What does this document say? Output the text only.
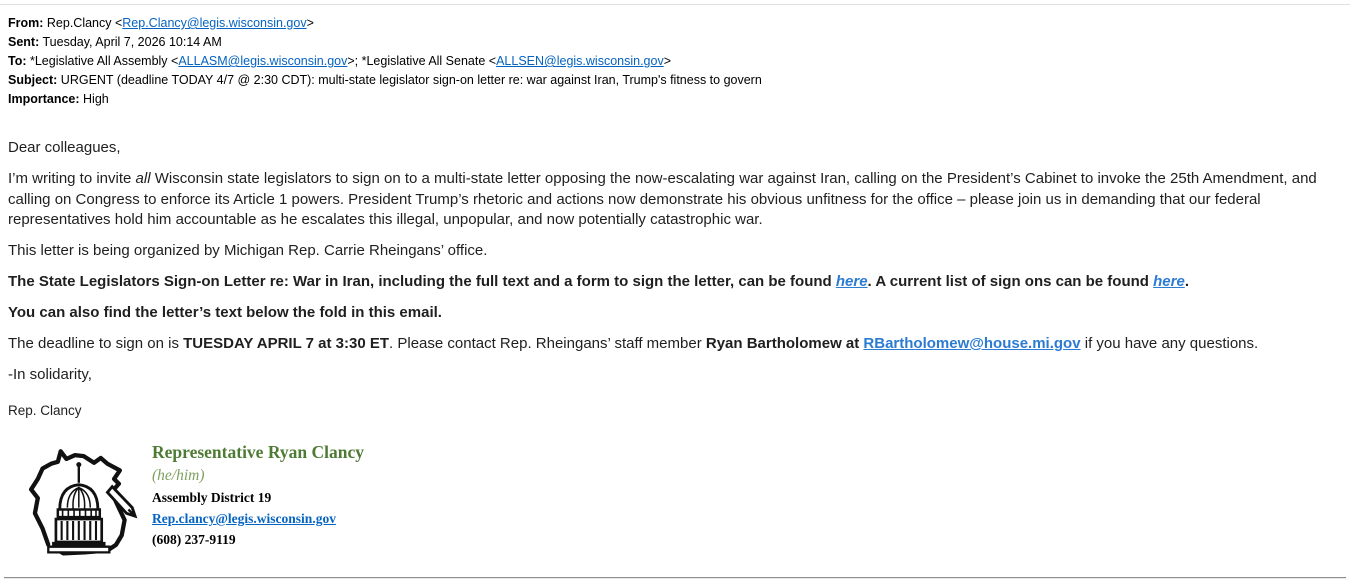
From: Rep.Clancy <Rep.Clancy@legis.wisconsin.gov>
Sent: Tuesday, April 7, 2026 10:14 AM
To: *Legislative All Assembly <ALLASM@legis.wisconsin.gov>; *Legislative All Senate <ALLSEN@legis.wisconsin.gov>
Subject: URGENT (deadline TODAY 4/7 @ 2:30 CDT): multi-state legislator sign-on letter re: war against Iran, Trump's fitness to govern
Importance: High

Dear colleagues,

I’m writing to invite all Wisconsin state legislators to sign on to a multi-state letter opposing the now-escalating war against Iran, calling on the President’s Cabinet to invoke the 25th Amendment, and calling on Congress to enforce its Article 1 powers. President Trump’s rhetoric and actions now demonstrate his obvious unfitness for the office – please join us in demanding that our federal representatives hold him accountable as he escalates this illegal, unpopular, and now potentially catastrophic war.

This letter is being organized by Michigan Rep. Carrie Rheingans’ office.

The State Legislators Sign-on Letter re: War in Iran, including the full text and a form to sign the letter, can be found here. A current list of sign ons can be found here.

You can also find the letter’s text below the fold in this email.

The deadline to sign on is TUESDAY APRIL 7 at 3:30 ET. Please contact Rep. Rheingans’ staff member Ryan Bartholomew at RBartholomew@house.mi.gov if you have any questions.

-In solidarity,

Rep. Clancy

Representative Ryan Clancy
(he/him)
Assembly District 19
Rep.clancy@legis.wisconsin.gov
(608) 237-9119
